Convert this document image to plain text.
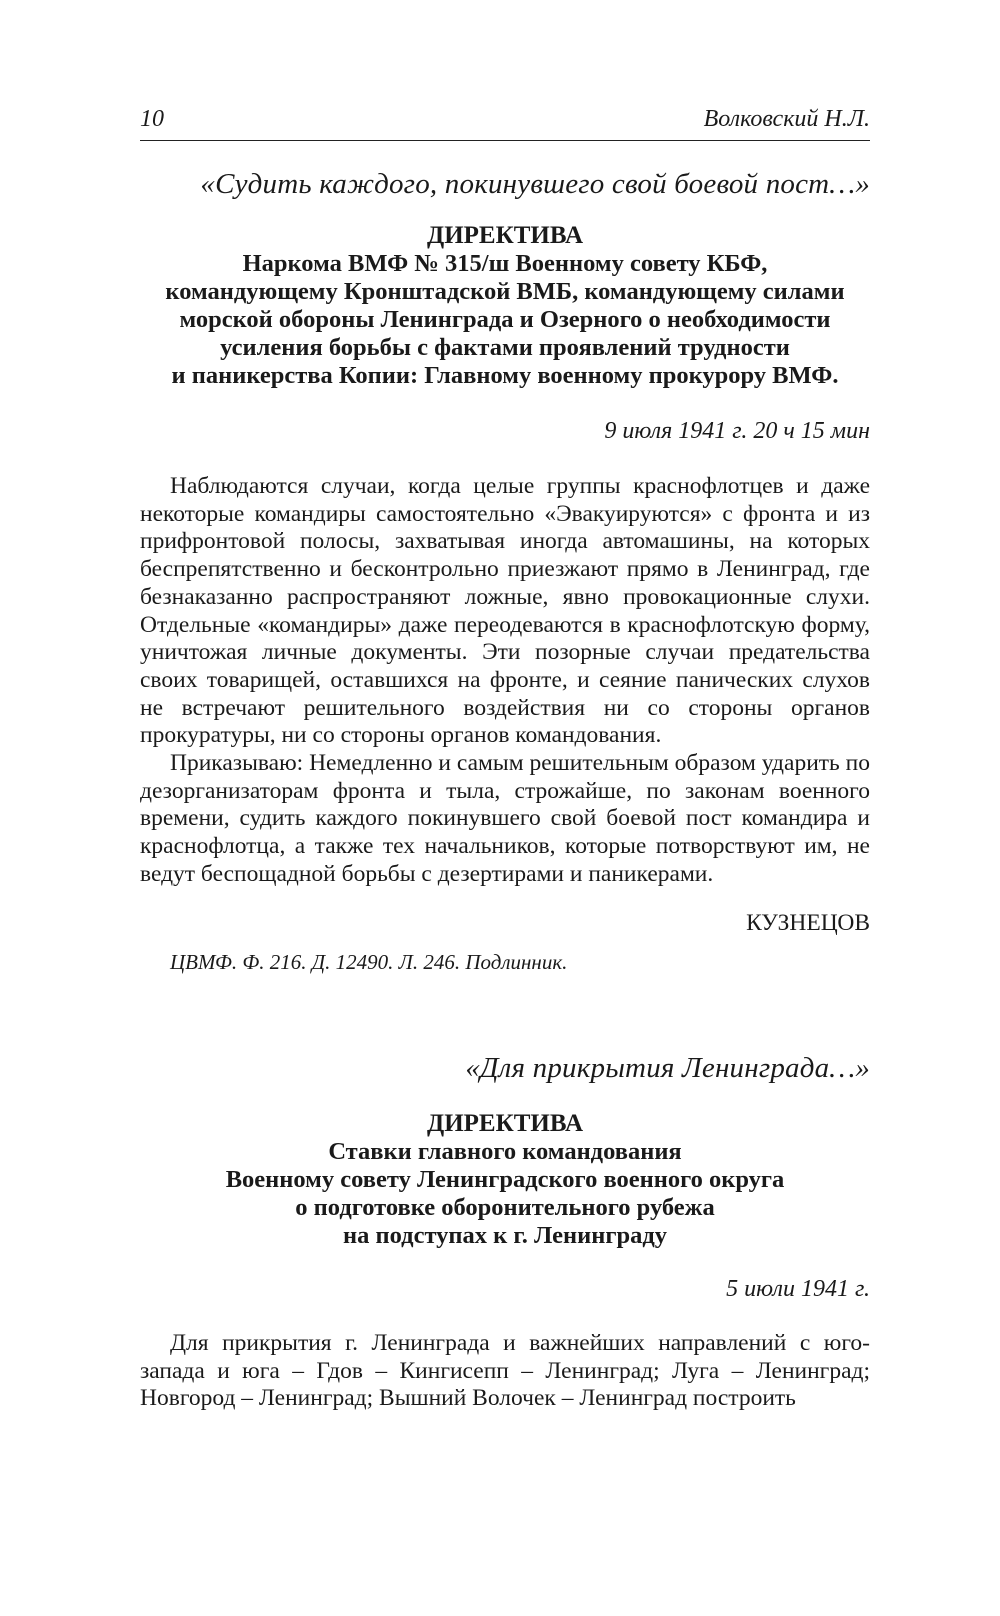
10	Волковский Н.Л.
«Судить каждого, покинувшего свой боевой пост…»
ДИРЕКТИВА
Наркома ВМФ № 315/ш Военному совету КБФ,
командующему Кронштадской ВМБ, командующему силами
морской обороны Ленинграда и Озерного о необходимости
усиления борьбы с фактами проявлений трудности
и паникерства Копии: Главному военному прокурору ВМФ.
9 июля 1941 г. 20 ч 15 мин

Наблюдаются случаи, когда целые группы краснофлотцев и даже некоторые командиры самостоятельно «Эвакуируются» с фронта и из прифронтовой полосы, захватывая иногда автомашины, на которых беспрепятственно и бесконтрольно приезжают прямо в Ленинград, где безнаказанно распространяют ложные, явно провокационные слухи. Отдельные «командиры» даже переодеваются в краснофлотскую форму, уничтожая личные документы. Эти позорные случаи предательства своих товарищей, оставшихся на фронте, и сеяние панических слухов не встречают решительного воздействия ни со стороны органов прокуратуры, ни со стороны органов командования.

Приказываю: Немедленно и самым решительным образом ударить по дезорганизаторам фронта и тыла, строжайше, по законам военного времени, судить каждого покинувшего свой боевой пост командира и краснофлотца, а также тех начальников, которые потворствуют им, не ведут беспощадной борьбы с дезертирами и паникерами.

КУЗНЕЦОВ
ЦВМФ. Ф. 216. Д. 12490. Л. 246. Подлинник.
«Для прикрытия Ленинграда…»
ДИРЕКТИВА
Ставки главного командования
Военному совету Ленинградского военного округа
о подготовке оборонительного рубежа
на подступах к г. Ленинграду
5 июли 1941 г.

Для прикрытия г. Ленинграда и важнейших направлений с юго-запада и юга – Гдов – Кингисепп – Ленинград; Луга – Ленинград; Новгород – Ленинград; Вышний Волочек – Ленинград построить
